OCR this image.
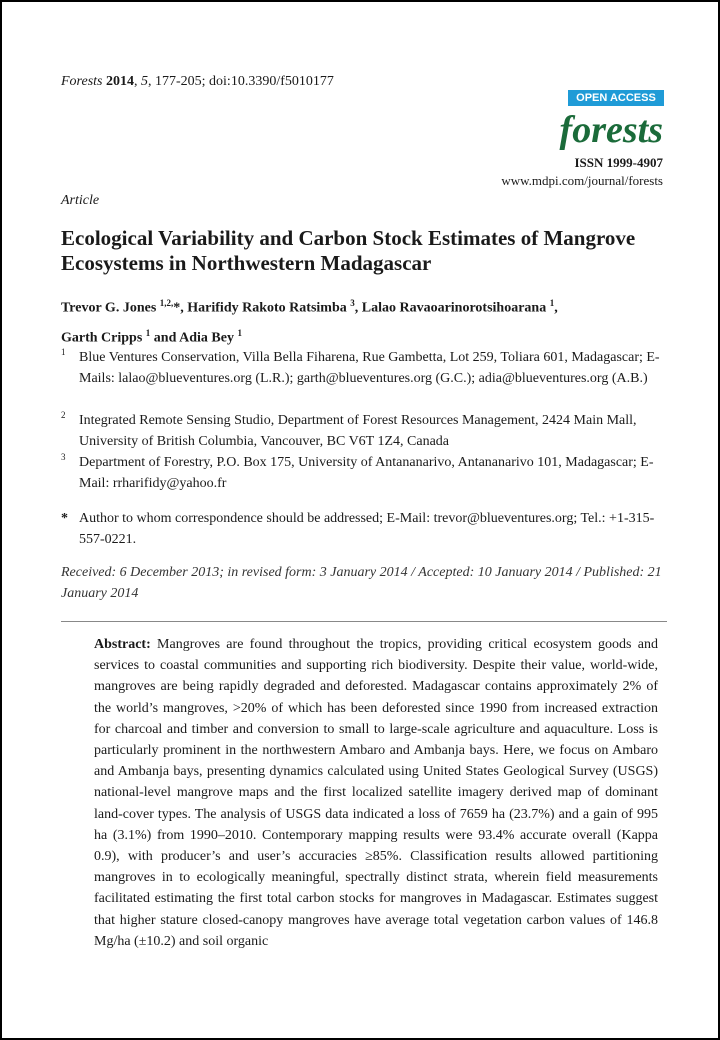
Forests 2014, 5, 177-205; doi:10.3390/f5010177
OPEN ACCESS
forests
ISSN 1999-4907
www.mdpi.com/journal/forests
Article
Ecological Variability and Carbon Stock Estimates of Mangrove Ecosystems in Northwestern Madagascar
Trevor G. Jones $^{1,2,}$*, Harifidy Rakoto Ratsimba $^3$, Lalao Ravaoarinorotsihoarana $^1$,
Garth Cripps $^1$ and Adia Bey $^1$
1 Blue Ventures Conservation, Villa Bella Fiharena, Rue Gambetta, Lot 259, Toliara 601, Madagascar; E-Mails: lalao@blueventures.org (L.R.); garth@blueventures.org (G.C.); adia@blueventures.org (A.B.)
2 Integrated Remote Sensing Studio, Department of Forest Resources Management, 2424 Main Mall, University of British Columbia, Vancouver, BC V6T 1Z4, Canada
3 Department of Forestry, P.O. Box 175, University of Antananarivo, Antananarivo 101, Madagascar; E-Mail: rrharifidy@yahoo.fr
* Author to whom correspondence should be addressed; E-Mail: trevor@blueventures.org; Tel.: +1-315-557-0221.
Received: 6 December 2013; in revised form: 3 January 2014 / Accepted: 10 January 2014 / Published: 21 January 2014
Abstract: Mangroves are found throughout the tropics, providing critical ecosystem goods and services to coastal communities and supporting rich biodiversity. Despite their value, world-wide, mangroves are being rapidly degraded and deforested. Madagascar contains approximately 2% of the world’s mangroves, >20% of which has been deforested since 1990 from increased extraction for charcoal and timber and conversion to small to large-scale agriculture and aquaculture. Loss is particularly prominent in the northwestern Ambaro and Ambanja bays. Here, we focus on Ambaro and Ambanja bays, presenting dynamics calculated using United States Geological Survey (USGS) national-level mangrove maps and the first localized satellite imagery derived map of dominant land-cover types. The analysis of USGS data indicated a loss of 7659 ha (23.7%) and a gain of 995 ha (3.1%) from 1990–2010. Contemporary mapping results were 93.4% accurate overall (Kappa 0.9), with producer’s and user’s accuracies ≥85%. Classification results allowed partitioning mangroves in to ecologically meaningful, spectrally distinct strata, wherein field measurements facilitated estimating the first total carbon stocks for mangroves in Madagascar. Estimates suggest that higher stature closed-canopy mangroves have average total vegetation carbon values of 146.8 Mg/ha (±10.2) and soil organic
